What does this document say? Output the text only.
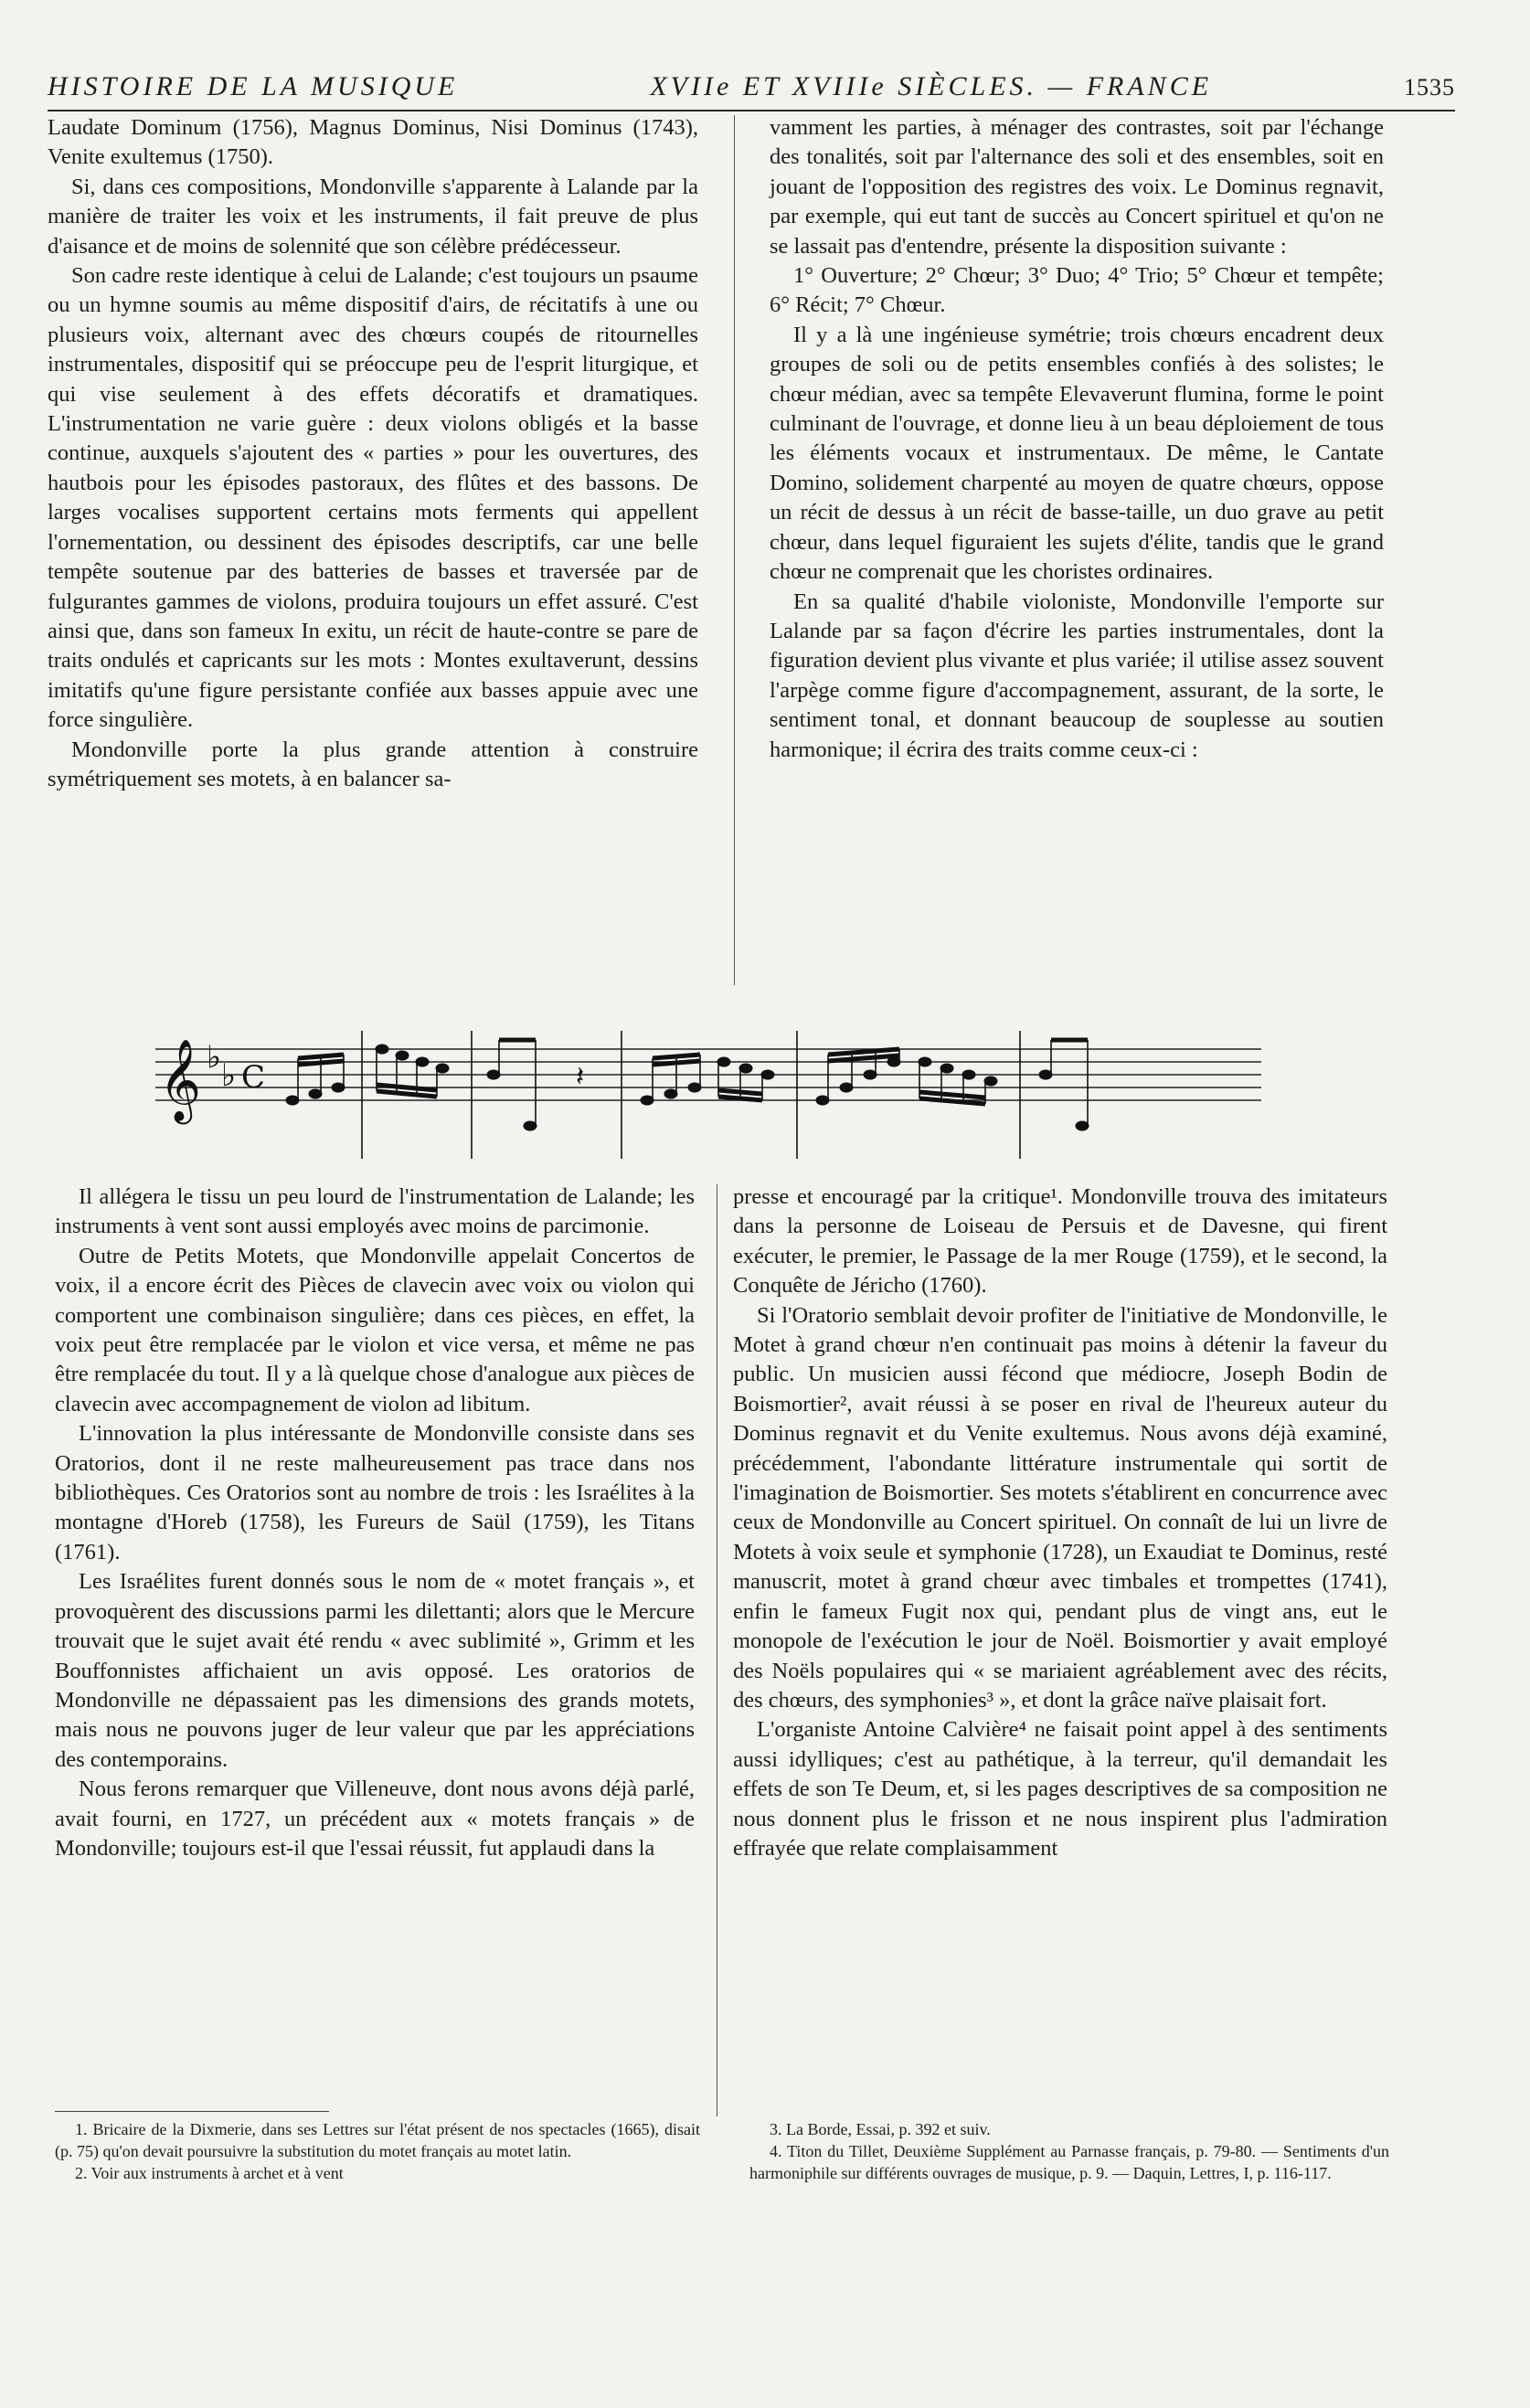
HISTOIRE DE LA MUSIQUE	XVIIe ET XVIIIe SIÈCLES. — FRANCE	1535

Laudate Dominum (1756), Magnus Dominus, Nisi Dominus (1743), Venite exultemus (1750).

Si, dans ces compositions, Mondonville s'apparente à Lalande par la manière de traiter les voix et les instruments, il fait preuve de plus d'aisance et de moins de solennité que son célèbre prédécesseur.

Son cadre reste identique à celui de Lalande; c'est toujours un psaume ou un hymne soumis au même dispositif d'airs, de récitatifs à une ou plusieurs voix, alternant avec des chœurs coupés de ritournelles instrumentales, dispositif qui se préoccupe peu de l'esprit liturgique, et qui vise seulement à des effets décoratifs et dramatiques. L'instrumentation ne varie guère : deux violons obligés et la basse continue, auxquels s'ajoutent des « parties » pour les ouvertures, des hautbois pour les épisodes pastoraux, des flûtes et des bassons. De larges vocalises supportent certains mots ferments qui appellent l'ornementation, ou dessinent des épisodes descriptifs, car une belle tempête soutenue par des batteries de basses et traversée par de fulgurantes gammes de violons, produira toujours un effet assuré. C'est ainsi que, dans son fameux In exitu, un récit de haute-contre se pare de traits ondulés et capricants sur les mots : Montes exultaverunt, dessins imitatifs qu'une figure persistante confiée aux basses appuie avec une force singulière.

Mondonville porte la plus grande attention à construire symétriquement ses motets, à en balancer sa-

vamment les parties, à ménager des contrastes, soit par l'échange des tonalités, soit par l'alternance des soli et des ensembles, soit en jouant de l'opposition des registres des voix. Le Dominus regnavit, par exemple, qui eut tant de succès au Concert spirituel et qu'on ne se lassait pas d'entendre, présente la disposition suivante :

1° Ouverture; 2° Chœur; 3° Duo; 4° Trio; 5° Chœur et tempête; 6° Récit; 7° Chœur.

Il y a là une ingénieuse symétrie; trois chœurs encadrent deux groupes de soli ou de petits ensembles confiés à des solistes; le chœur médian, avec sa tempête Elevaverunt flumina, forme le point culminant de l'ouvrage, et donne lieu à un beau déploiement de tous les éléments vocaux et instrumentaux. De même, le Cantate Domino, solidement charpenté au moyen de quatre chœurs, oppose un récit de dessus à un récit de basse-taille, un duo grave au petit chœur, dans lequel figuraient les sujets d'élite, tandis que le grand chœur ne comprenait que les choristes ordinaires.

En sa qualité d'habile violoniste, Mondonville l'emporte sur Lalande par sa façon d'écrire les parties instrumentales, dont la figuration devient plus vivante et plus variée; il utilise assez souvent l'arpège comme figure d'accompagnement, assurant, de la sorte, le sentiment tonal, et donnant beaucoup de souplesse au soutien harmonique; il écrira des traits comme ceux-ci :

𝄞 ♭ ♭ C	𝄽

Il allégera le tissu un peu lourd de l'instrumentation de Lalande; les instruments à vent sont aussi employés avec moins de parcimonie.

Outre de Petits Motets, que Mondonville appelait Concertos de voix, il a encore écrit des Pièces de clavecin avec voix ou violon qui comportent une combinaison singulière; dans ces pièces, en effet, la voix peut être remplacée par le violon et vice versa, et même ne pas être remplacée du tout. Il y a là quelque chose d'analogue aux pièces de clavecin avec accompagnement de violon ad libitum.

L'innovation la plus intéressante de Mondonville consiste dans ses Oratorios, dont il ne reste malheureusement pas trace dans nos bibliothèques. Ces Oratorios sont au nombre de trois : les Israélites à la montagne d'Horeb (1758), les Fureurs de Saül (1759), les Titans (1761).

Les Israélites furent donnés sous le nom de « motet français », et provoquèrent des discussions parmi les dilettanti; alors que le Mercure trouvait que le sujet avait été rendu « avec sublimité », Grimm et les Bouffonnistes affichaient un avis opposé. Les oratorios de Mondonville ne dépassaient pas les dimensions des grands motets, mais nous ne pouvons juger de leur valeur que par les appréciations des contemporains.

Nous ferons remarquer que Villeneuve, dont nous avons déjà parlé, avait fourni, en 1727, un précédent aux « motets français » de Mondonville; toujours est-il que l'essai réussit, fut applaudi dans la

presse et encouragé par la critique¹. Mondonville trouva des imitateurs dans la personne de Loiseau de Persuis et de Davesne, qui firent exécuter, le premier, le Passage de la mer Rouge (1759), et le second, la Conquête de Jéricho (1760).

Si l'Oratorio semblait devoir profiter de l'initiative de Mondonville, le Motet à grand chœur n'en continuait pas moins à détenir la faveur du public. Un musicien aussi fécond que médiocre, Joseph Bodin de Boismortier², avait réussi à se poser en rival de l'heureux auteur du Dominus regnavit et du Venite exultemus. Nous avons déjà examiné, précédemment, l'abondante littérature instrumentale qui sortit de l'imagination de Boismortier. Ses motets s'établirent en concurrence avec ceux de Mondonville au Concert spirituel. On connaît de lui un livre de Motets à voix seule et symphonie (1728), un Exaudiat te Dominus, resté manuscrit, motet à grand chœur avec timbales et trompettes (1741), enfin le fameux Fugit nox qui, pendant plus de vingt ans, eut le monopole de l'exécution le jour de Noël. Boismortier y avait employé des Noëls populaires qui « se mariaient agréablement avec des récits, des chœurs, des symphonies³ », et dont la grâce naïve plaisait fort.

L'organiste Antoine Calvière⁴ ne faisait point appel à des sentiments aussi idylliques; c'est au pathétique, à la terreur, qu'il demandait les effets de son Te Deum, et, si les pages descriptives de sa composition ne nous donnent plus le frisson et ne nous inspirent plus l'admiration effrayée que relate complaisamment

1. Bricaire de la Dixmerie, dans ses Lettres sur l'état présent de nos spectacles (1665), disait (p. 75) qu'on devait poursuivre la substitution du motet français au motet latin.

2. Voir aux instruments à archet et à vent

3. La Borde, Essai, p. 392 et suiv.

4. Titon du Tillet, Deuxième Supplément au Parnasse français, p. 79-80. — Sentiments d'un harmoniphile sur différents ouvrages de musique, p. 9. — Daquin, Lettres, I, p. 116-117.
